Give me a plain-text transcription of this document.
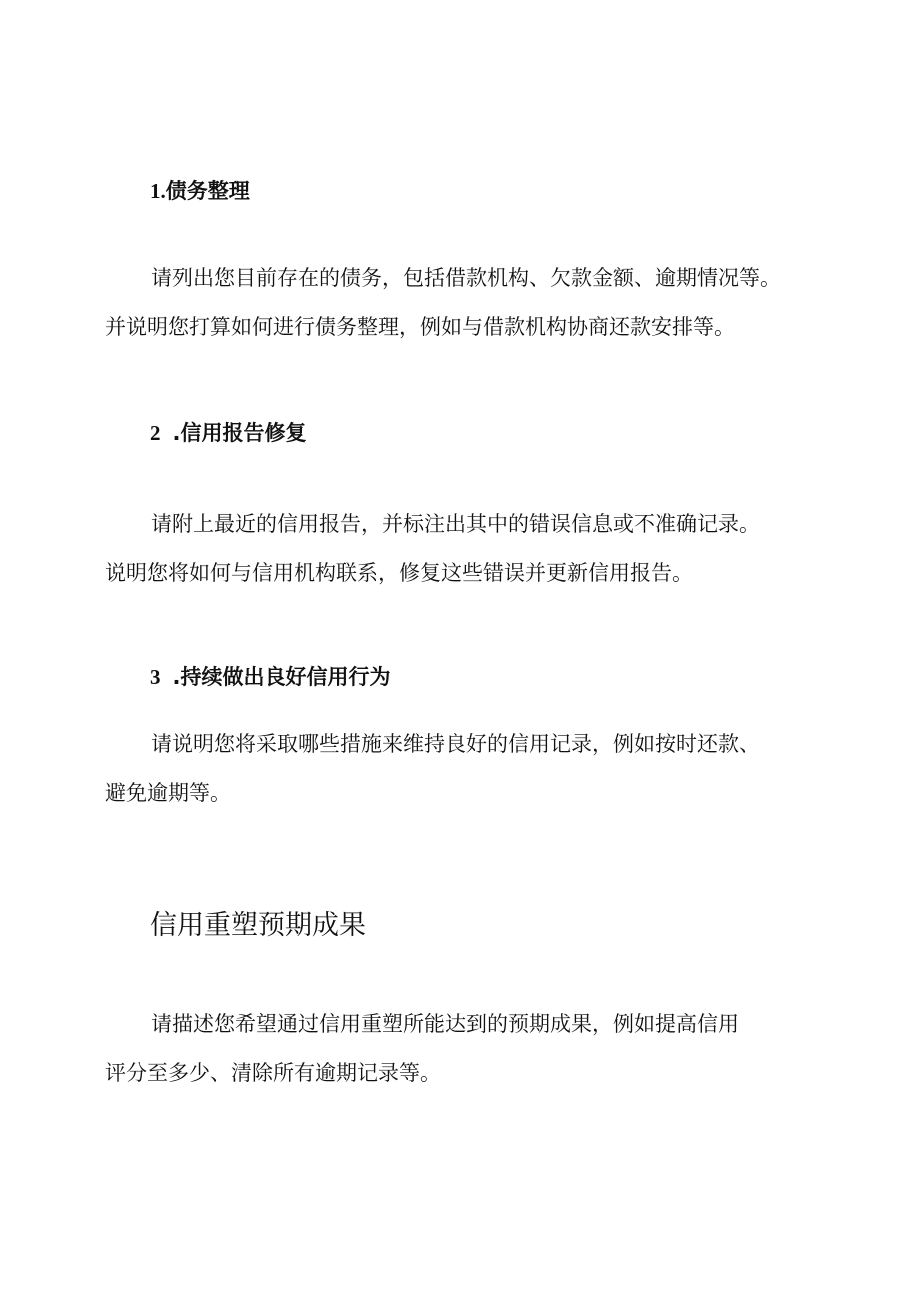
1.债务整理

请列出您目前存在的债务，包括借款机构、欠款金额、逾期情况等。
并说明您打算如何进行债务整理，例如与借款机构协商还款安排等。

2 .信用报告修复

请附上最近的信用报告，并标注出其中的错误信息或不准确记录。
说明您将如何与信用机构联系，修复这些错误并更新信用报告。

3 .持续做出良好信用行为

请说明您将采取哪些措施来维持良好的信用记录，例如按时还款、
避免逾期等。

信用重塑预期成果

请描述您希望通过信用重塑所能达到的预期成果，例如提高信用
评分至多少、清除所有逾期记录等。
